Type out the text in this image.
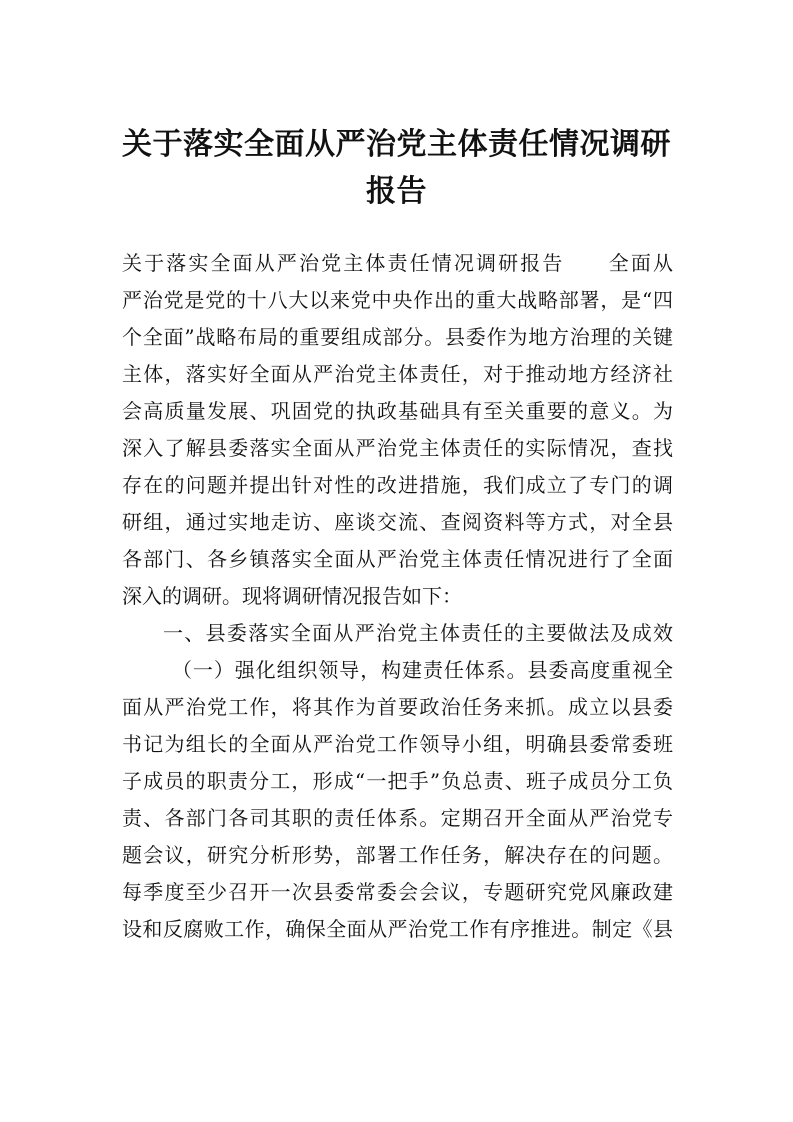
关于落实全面从严治党主体责任情况调研
报告
关于落实全面从严治党主体责任情况调研报告　　全面从
严治党是党的十八大以来党中央作出的重大战略部署，是“四
个全面”战略布局的重要组成部分。县委作为地方治理的关键
主体，落实好全面从严治党主体责任，对于推动地方经济社
会高质量发展、巩固党的执政基础具有至关重要的意义。为
深入了解县委落实全面从严治党主体责任的实际情况，查找
存在的问题并提出针对性的改进措施，我们成立了专门的调
研组，通过实地走访、座谈交流、查阅资料等方式，对全县
各部门、各乡镇落实全面从严治党主体责任情况进行了全面
深入的调研。现将调研情况报告如下：
一、县委落实全面从严治党主体责任的主要做法及成效
（一）强化组织领导，构建责任体系。县委高度重视全
面从严治党工作，将其作为首要政治任务来抓。成立以县委
书记为组长的全面从严治党工作领导小组，明确县委常委班
子成员的职责分工，形成“一把手”负总责、班子成员分工负
责、各部门各司其职的责任体系。定期召开全面从严治党专
题会议，研究分析形势，部署工作任务，解决存在的问题。
每季度至少召开一次县委常委会会议，专题研究党风廉政建
设和反腐败工作，确保全面从严治党工作有序推进。制定《县
